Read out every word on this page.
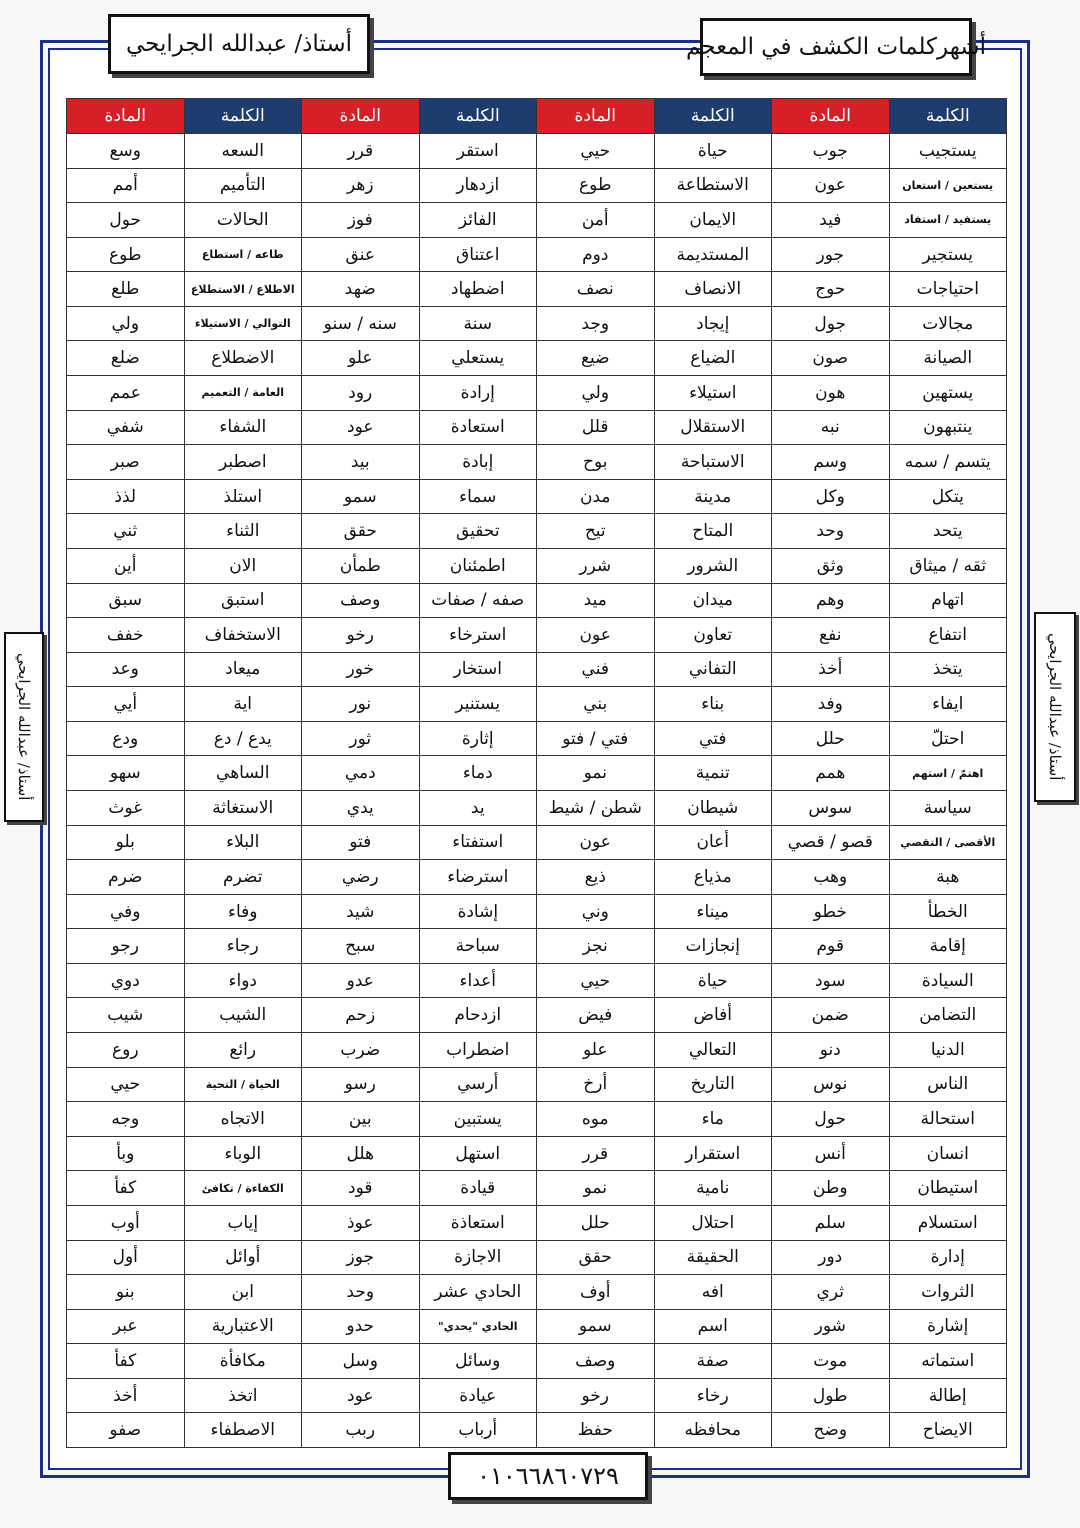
أشهركلمات الكشف في المعجم
أستاذ/ عبدالله الجرايحي
أستاذ/ عبدالله الجرايحي	أستاذ/ عبدالله الجرايحي
٠١٠٦٦٨٦٠٧٢٩
الكلمة	المادة	الكلمة	المادة	الكلمة	المادة	الكلمة	المادة
يستجيب	جوب	حياة	حيي	استقر	قرر	السعه	وسع
يستعين / استعان	عون	الاستطاعة	طوع	ازدهار	زهر	التأميم	أمم
يستفيد / استفاد	فيد	الايمان	أمن	الفائز	فوز	الحالات	حول
يستجير	جور	المستديمة	دوم	اعتناق	عنق	طاعه / استطاع	طوع
احتياجات	حوج	الانصاف	نصف	اضطهاد	ضهد	الاطلاع / الاستطلاع	طلع
مجالات	جول	إيجاد	وجد	سنة	سنه / سنو	التوالي / الاستيلاء	ولي
الصيانة	صون	الضياع	ضيع	يستعلي	علو	الاضطلاع	ضلع
يستهين	هون	استيلاء	ولي	إرادة	رود	العامة / التعميم	عمم
ينتبهون	نبه	الاستقلال	قلل	استعادة	عود	الشفاء	شفي
يتسم / سمه	وسم	الاستباحة	بوح	إبادة	بيد	اصطبر	صبر
يتكل	وكل	مدينة	مدن	سماء	سمو	استلذ	لذذ
يتحد	وحد	المتاح	تيح	تحقيق	حقق	الثناء	ثني
ثقه / ميثاق	وثق	الشرور	شرر	اطمئنان	طمأن	الان	أين
اتهام	وهم	ميدان	ميد	صفه / صفات	وصف	استبق	سبق
انتفاع	نفع	تعاون	عون	استرخاء	رخو	الاستخفاف	خفف
يتخذ	أخذ	التفاني	فني	استخار	خور	ميعاد	وعد
ايفاء	وفد	بناء	بني	يستنير	نور	اية	أيي
احتلّ	حلل	فتي	فتي / فتو	إثارة	ثور	يدع / دع	ودع
اهتمّ / استهم	همم	تنمية	نمو	دماء	دمي	الساهي	سهو
سياسة	سوس	شيطان	شطن / شيط	يد	يدي	الاستغاثة	غوث
الأقصى / التقصي	قصو / قصي	أعان	عون	استفتاء	فتو	البلاء	بلو
هبة	وهب	مذياع	ذيع	استرضاء	رضي	تضرم	ضرم
الخطأ	خطو	ميناء	وني	إشادة	شيد	وفاء	وفي
إقامة	قوم	إنجازات	نجز	سباحة	سبح	رجاء	رجو
السيادة	سود	حياة	حيي	أعداء	عدو	دواء	دوي
التضامن	ضمن	أفاض	فيض	ازدحام	زحم	الشيب	شيب
الدنيا	دنو	التعالي	علو	اضطراب	ضرب	رائع	روع
الناس	نوس	التاريخ	أرخ	أرسي	رسو	الحياة / التحية	حيي
استحالة	حول	ماء	موه	يستبين	بين	الاتجاه	وجه
انسان	أنس	استقرار	قرر	استهل	هلل	الوباء	وبأ
استيطان	وطن	نامية	نمو	قيادة	قود	الكفاءة / تكافئ	كفأ
استسلام	سلم	احتلال	حلل	استعاذة	عوذ	إياب	أوب
إدارة	دور	الحقيقة	حقق	الاجازة	جوز	أوائل	أول
الثروات	ثري	افه	أوف	الحادي عشر	وحد	ابن	بنو
إشارة	شور	اسم	سمو	الحادي "يحدي"	حدو	الاعتبارية	عبر
استماته	موت	صفة	وصف	وسائل	وسل	مكافأة	كفأ
إطالة	طول	رخاء	رخو	عيادة	عود	اتخذ	أخذ
الايضاح	وضح	محافظه	حفظ	أرباب	ربب	الاصطفاء	صفو
